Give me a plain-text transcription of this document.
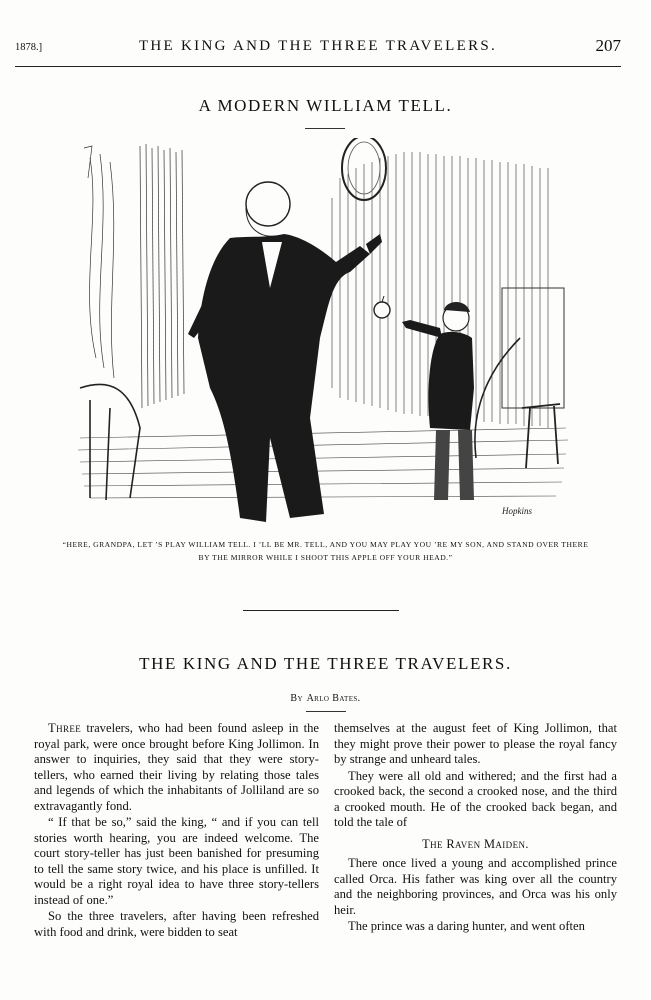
1878.]	THE KING AND THE THREE TRAVELERS.	207
A MODERN WILLIAM TELL.
Hopkins
“HERE, GRANDPA, LET ’S PLAY WILLIAM TELL. I ’LL BE MR. TELL, AND YOU MAY PLAY YOU ’RE MY SON, AND STAND OVER THERE
BY THE MIRROR WHILE I SHOOT THIS APPLE OFF YOUR HEAD.”
THE KING AND THE THREE TRAVELERS.
By Arlo Bates.

Three travelers, who had been found asleep in the royal park, were once brought before King Jollimon. In answer to inquiries, they said that they were story-tellers, who earned their living by relating those tales and legends of which the inhabitants of Jolliland are so extravagantly fond.

“ If that be so,” said the king, “ and if you can tell stories worth hearing, you are indeed welcome. The court story-teller has just been banished for presuming to tell the same story twice, and his place is unfilled. It would be a right royal idea to have three story-tellers instead of one.”

So the three travelers, after having been refreshed with food and drink, were bidden to seat

themselves at the august feet of King Jollimon, that they might prove their power to please the royal fancy by strange and unheard tales.

They were all old and withered; and the first had a crooked back, the second a crooked nose, and the third a crooked mouth. He of the crooked back began, and told the tale of

The Raven Maiden.

There once lived a young and accomplished prince called Orca. His father was king over all the country and the neighboring provinces, and Orca was his only heir.

The prince was a daring hunter, and went often
